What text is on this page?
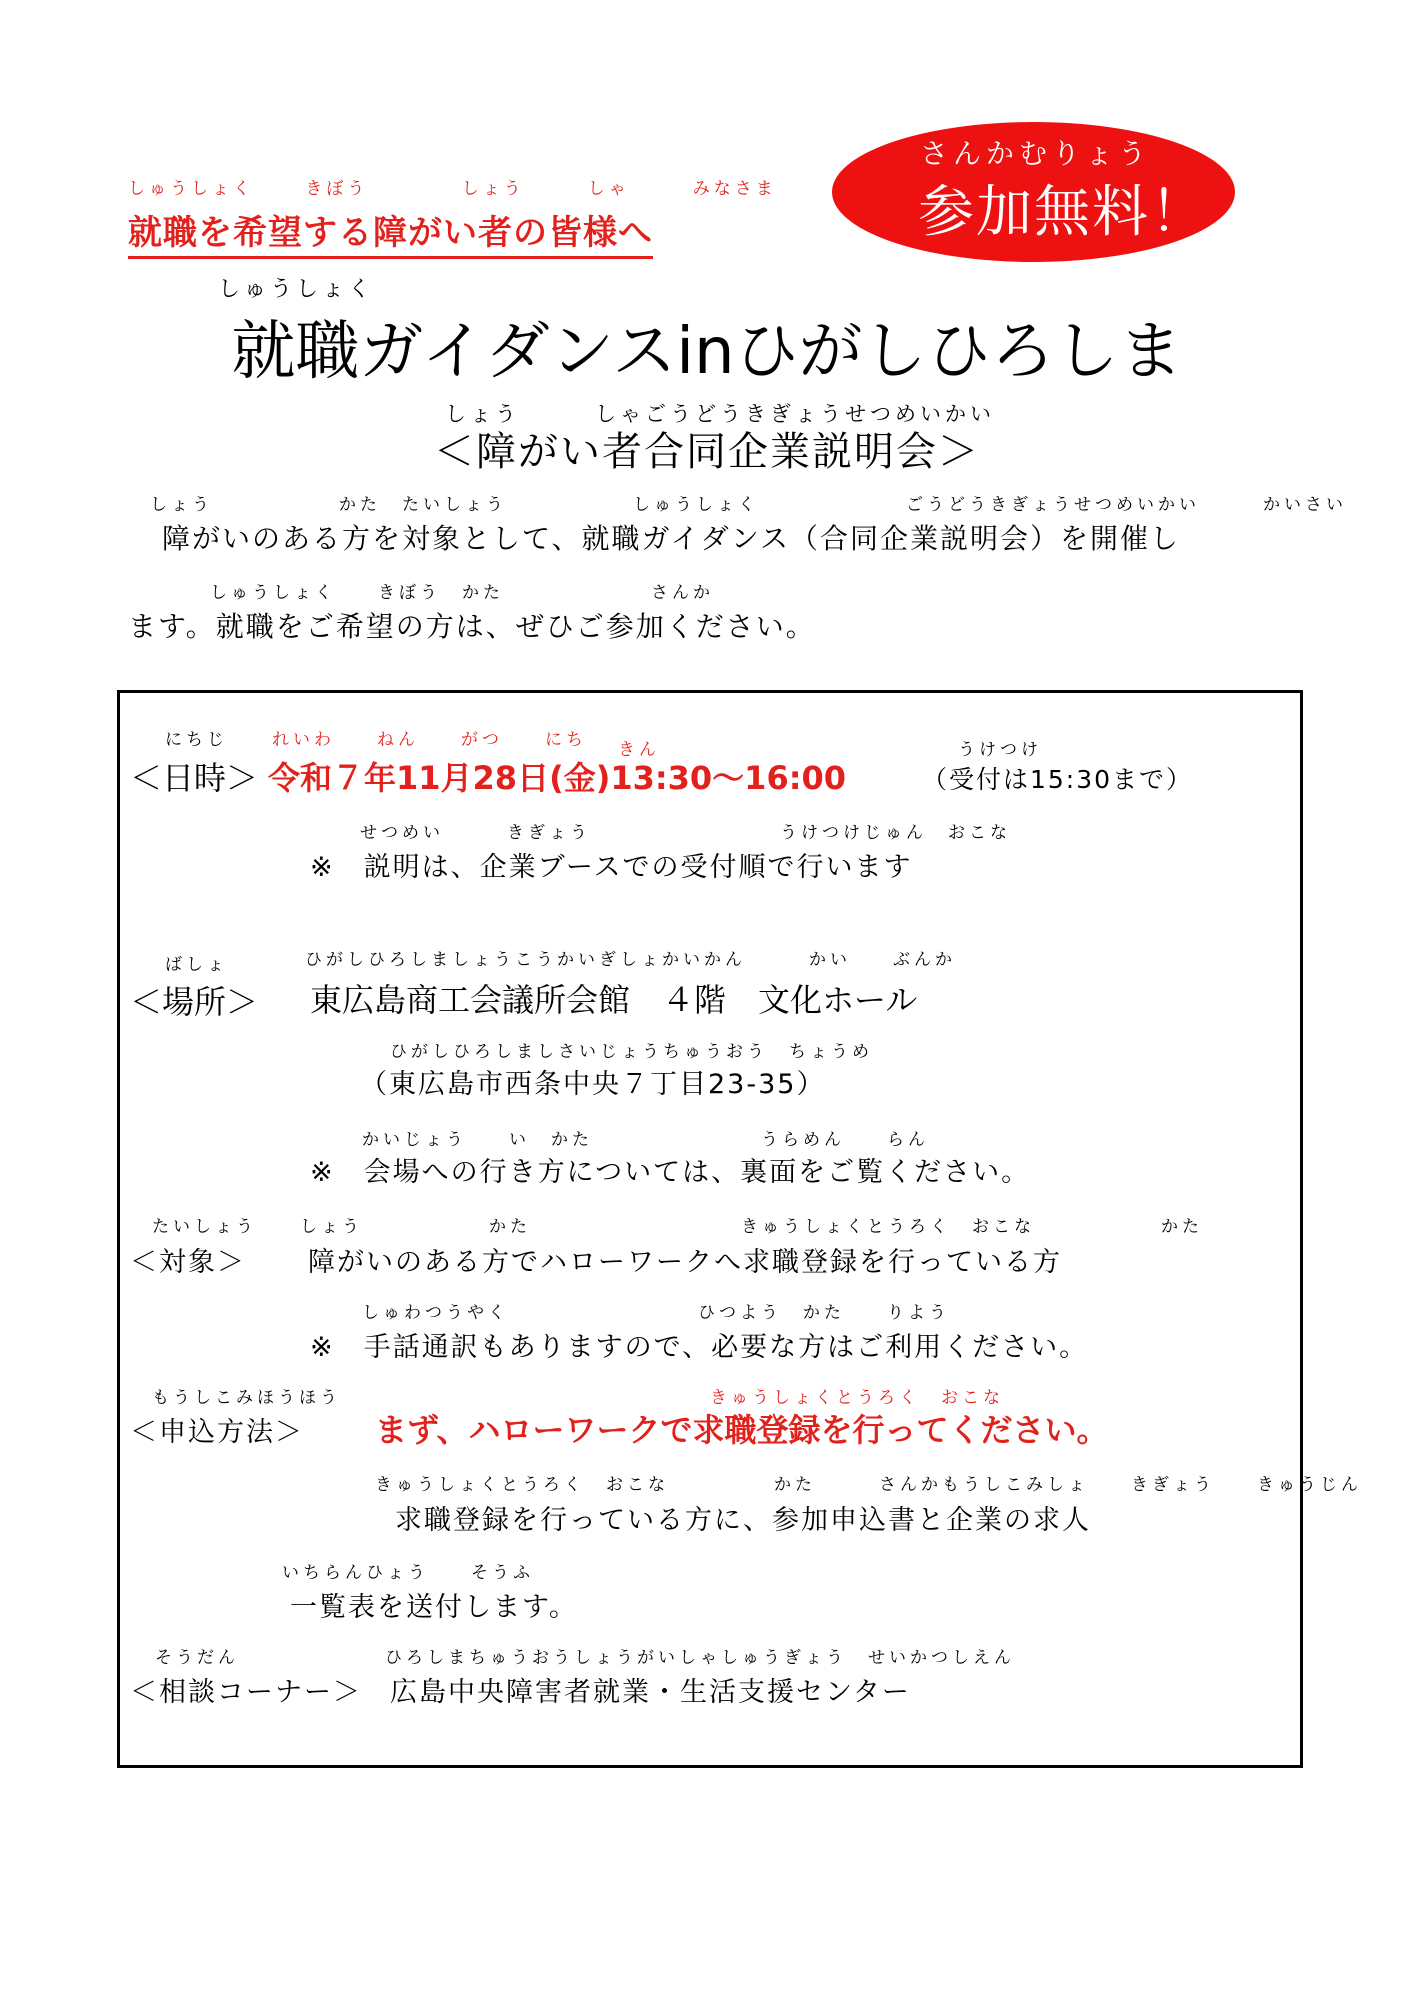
しゅうしょく　　 きぼう　　　　 しょう　　　しゃ　　　みなさま
就職を希望する障がい者の皆様へ
さんかむりょう
参加無料！
しゅうしょく
就職ガイダンスinひがしひろしま
しょう　　　しゃごうどうきぎょうせつめいかい
＜障がい者合同企業説明会＞
しょう　　　　　　かた　たいしょう　　　　　　しゅうしょく　　　　　　　ごうどうきぎょうせつめいかい　　　かいさい
障がいのある方を対象として、就職ガイダンス（合同企業説明会）を開催し
しゅうしょく　　きぼう　かた　　　　　　　さんか
ます。就職をご希望の方は、ぜひご参加ください。
にちじ
＜日時＞
れいわ　　ねん　　がつ　　にち きん
令和７年11月28日(金)13:30〜16:00
うけつけ
（受付は15:30まで）
せつめい　　　きぎょう　　　　　　　　　うけつけじゅん　おこな
※　説明は、企業ブースでの受付順で行います
ばしょ
＜場所＞
ひがしひろしましょうこうかいぎしょかいかん　　　かい　　ぶんか
東広島商工会議所会館　４階　文化ホール
ひがしひろしましさいじょうちゅうおう　ちょうめ
（東広島市西条中央７丁目23-35）
かいじょう　　い　かた　　　　　　　　うらめん　　らん
※　会場への行き方については、裏面をご覧ください。
たいしょう
＜対象＞
しょう　　　　　　かた　　　　　　　　　　きゅうしょくとうろく　おこな　　　　　　かた
障がいのある方でハローワークへ求職登録を行っている方
しゅわつうやく　　　　　　　　　ひつよう　かた　　りよう
※　手話通訳もありますので、必要な方はご利用ください。
もうしこみほうほう
＜申込方法＞
きゅうしょくとうろく　おこな
まず、ハローワークで求職登録を行ってください。
きゅうしょくとうろく　おこな　　　　　かた　　　さんかもうしこみしょ　　きぎょう　　きゅうじん
求職登録を行っている方に、参加申込書と企業の求人
いちらんひょう　　そうふ
一覧表を送付します。
そうだん
＜相談コーナー＞
ひろしまちゅうおうしょうがいしゃしゅうぎょう　せいかつしえん
広島中央障害者就業・生活支援センター
